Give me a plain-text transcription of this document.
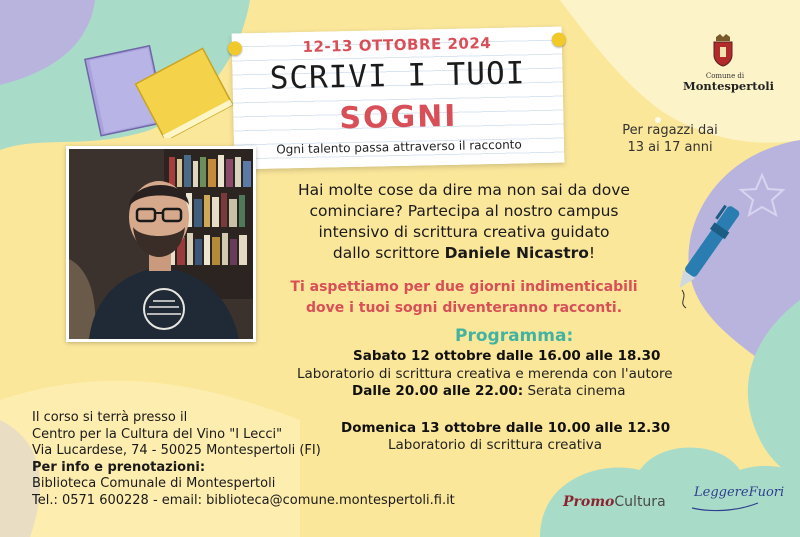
12-13 OTTOBRE 2024
SCRIVI I TUOI
SOGNI
Ogni talento passa attraverso il racconto
Per ragazzi dai
13 ai 17 anni
Comune di
Montespertoli
Hai molte cose da dire ma non sai da dove
cominciare? Partecipa al nostro campus
intensivo di scrittura creativa guidato
dallo scrittore Daniele Nicastro!
Ti aspettiamo per due giorni indimenticabili
dove i tuoi sogni diventeranno racconti.
Programma:
Sabato 12 ottobre dalle 16.00 alle 18.30
Laboratorio di scrittura creativa e merenda con l'autore
Dalle 20.00 alle 22.00: Serata cinema
Domenica 13 ottobre dalle 10.00 alle 12.30
Laboratorio di scrittura creativa
Il corso si terrà presso il
Centro per la Cultura del Vino "I Lecci"
Via Lucardese, 74 - 50025 Montespertoli (FI)
Per info e prenotazioni:
Biblioteca Comunale di Montespertoli
Tel.: 0571 600228 - email: biblioteca@comune.montespertoli.fi.it	PromoCultura
LeggereFuori
